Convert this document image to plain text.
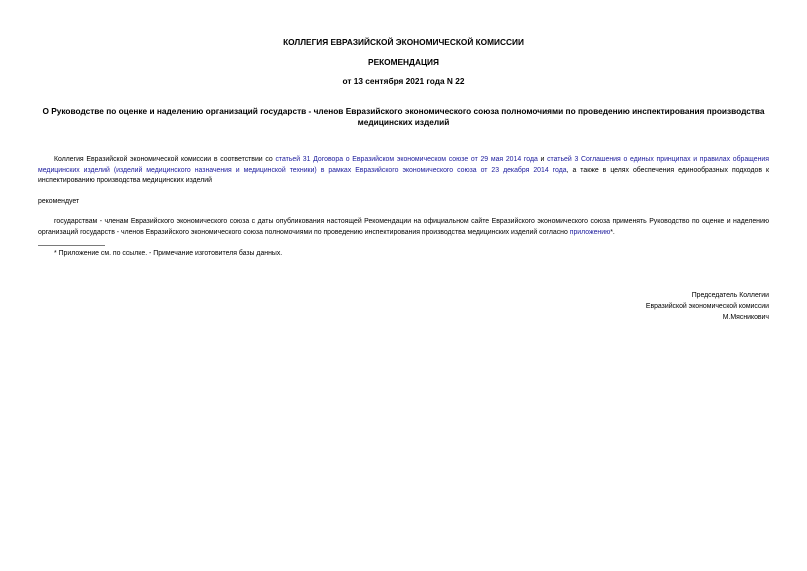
КОЛЛЕГИЯ ЕВРАЗИЙСКОЙ ЭКОНОМИЧЕСКОЙ КОМИССИИ
РЕКОМЕНДАЦИЯ
от 13 сентября 2021 года N 22
О Руководстве по оценке и наделению организаций государств - членов Евразийского экономического союза полномочиями по проведению инспектирования производства медицинских изделий
Коллегия Евразийской экономической комиссии в соответствии со статьей 31 Договора о Евразийском экономическом союзе от 29 мая 2014 года и статьей 3 Соглашения о единых принципах и правилах обращения медицинских изделий (изделий медицинского назначения и медицинской техники) в рамках Евразийского экономического союза от 23 декабря 2014 года, а также в целях обеспечения единообразных подходов к инспектированию производства медицинских изделий
рекомендует
государствам - членам Евразийского экономического союза с даты опубликования настоящей Рекомендации на официальном сайте Евразийского экономического союза применять Руководство по оценке и наделению организаций государств - членов Евразийского экономического союза полномочиями по проведению инспектирования производства медицинских изделий согласно приложению*.
* Приложение см. по ссылке. - Примечание изготовителя базы данных.
Председатель Коллегии
Евразийской экономической комиссии
М.Мясникович
